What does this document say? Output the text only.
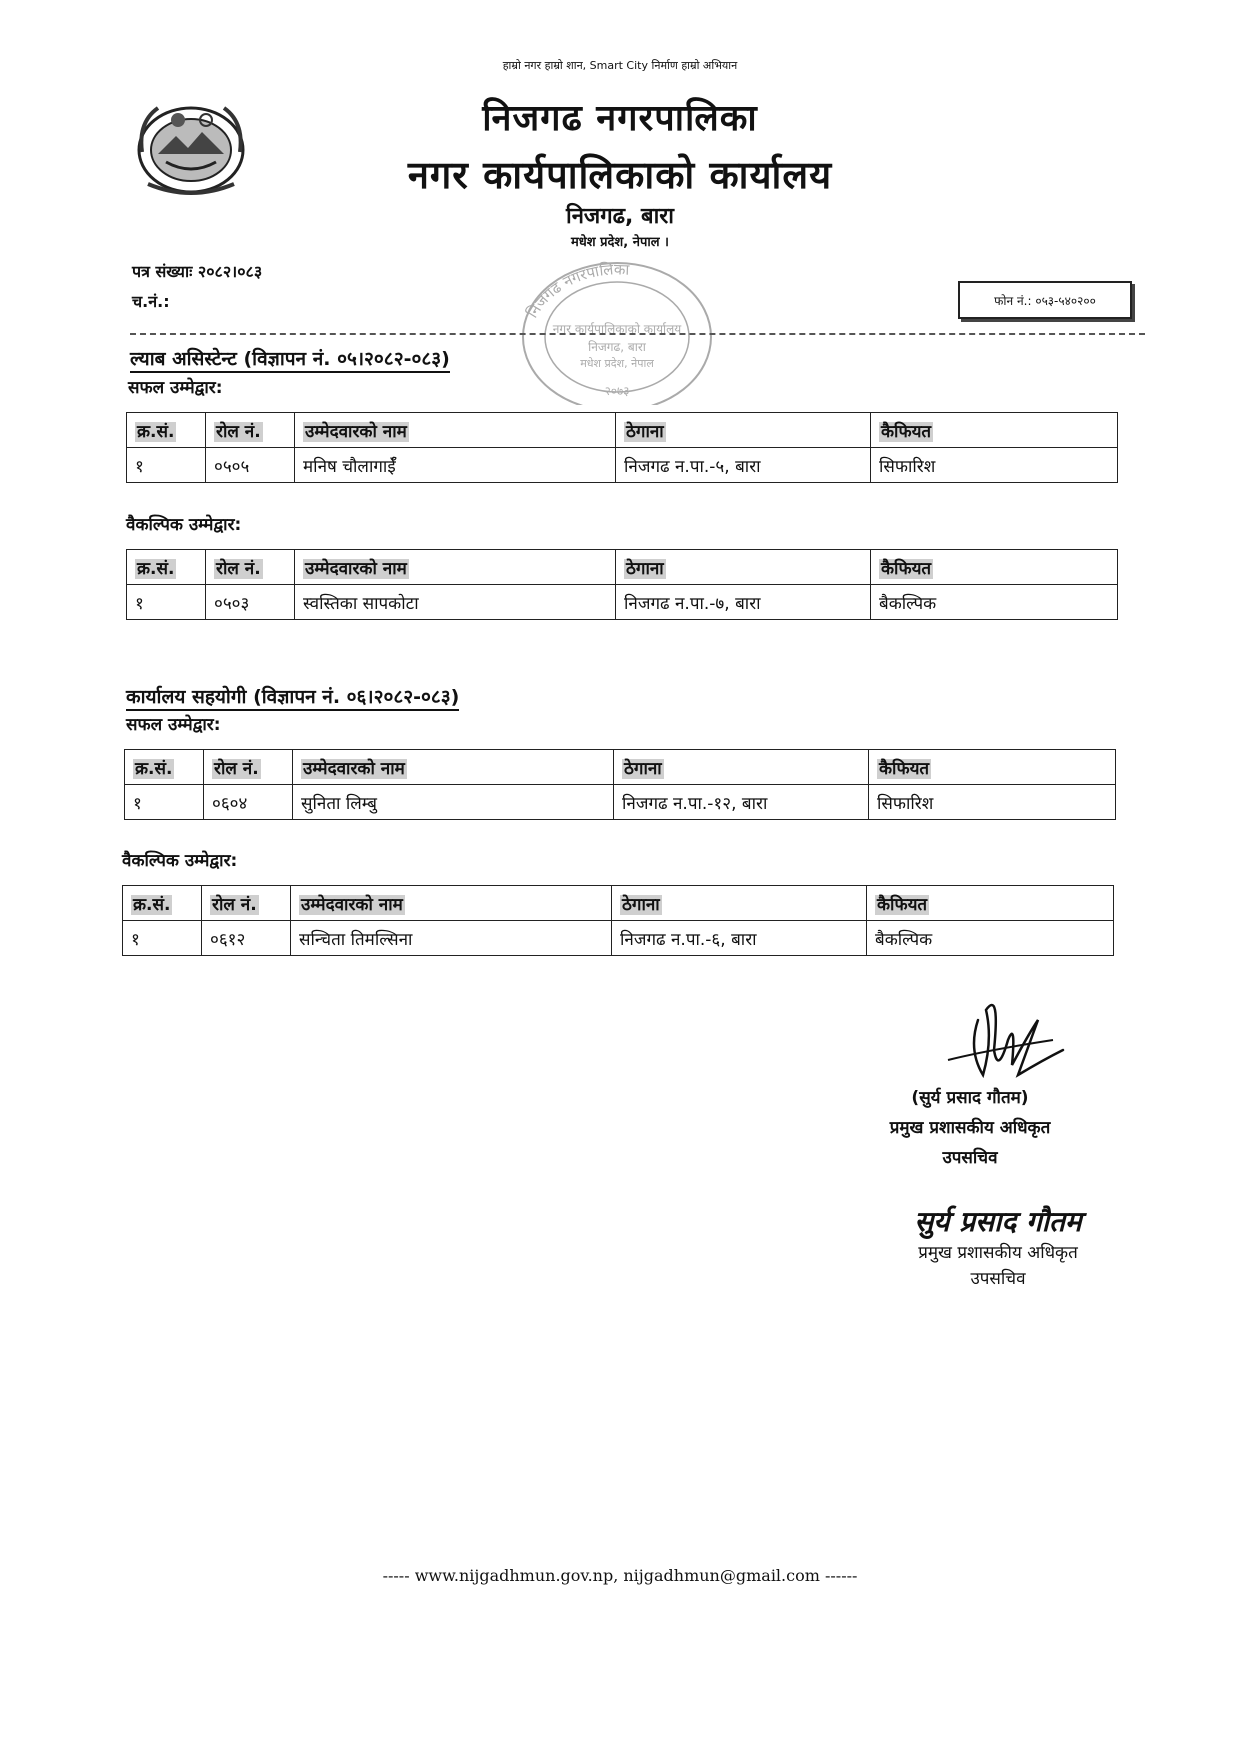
हाम्रो नगर हाम्रो शान, Smart City निर्माण हाम्रो अभियान
निजगढ नगरपालिका
नगर कार्यपालिकाको कार्यालय
निजगढ, बारा
मधेश प्रदेश, नेपाल ।
निजगढ नगरपालिका
नगर कार्यपालिकाको कार्यालय
निजगढ, बारा
मधेश प्रदेश, नेपाल
२०७३
पत्र संख्याः २०८२।०८३
च.नं.:	फोन नं.: ०५३-५४०२००
ल्याब असिस्टेन्ट (विज्ञापन नं. ०५।२०८२-०८३)
सफल उम्मेद्वार:
क्र.सं.	रोल नं.	उम्मेदवारको नाम	ठेगाना	कैफियत
१	०५०५	मनिष चौलागाईँ	निजगढ न.पा.-५, बारा	सिफारिश
वैकल्पिक उम्मेद्वार:
क्र.सं.	रोल नं.	उम्मेदवारको नाम	ठेगाना	कैफियत
१	०५०३	स्वस्तिका सापकोटा	निजगढ न.पा.-७, बारा	बैकल्पिक
कार्यालय सहयोगी (विज्ञापन नं. ०६।२०८२-०८३)
सफल उम्मेद्वार:
क्र.सं.	रोल नं.	उम्मेदवारको नाम	ठेगाना	कैफियत
१	०६०४	सुनिता लिम्बु	निजगढ न.पा.-१२, बारा	सिफारिश
वैकल्पिक उम्मेद्वार:
क्र.सं.	रोल नं.	उम्मेदवारको नाम	ठेगाना	कैफियत
१	०६१२	सन्चिता तिमल्सिना	निजगढ न.पा.-६, बारा	बैकल्पिक
(सुर्य प्रसाद गौतम)
प्रमुख प्रशासकीय अधिकृत
उपसचिव
सुर्य प्रसाद गौतम
प्रमुख प्रशासकीय अधिकृत
उपसचिव
----- www.nijgadhmun.gov.np, nijgadhmun@gmail.com ------
